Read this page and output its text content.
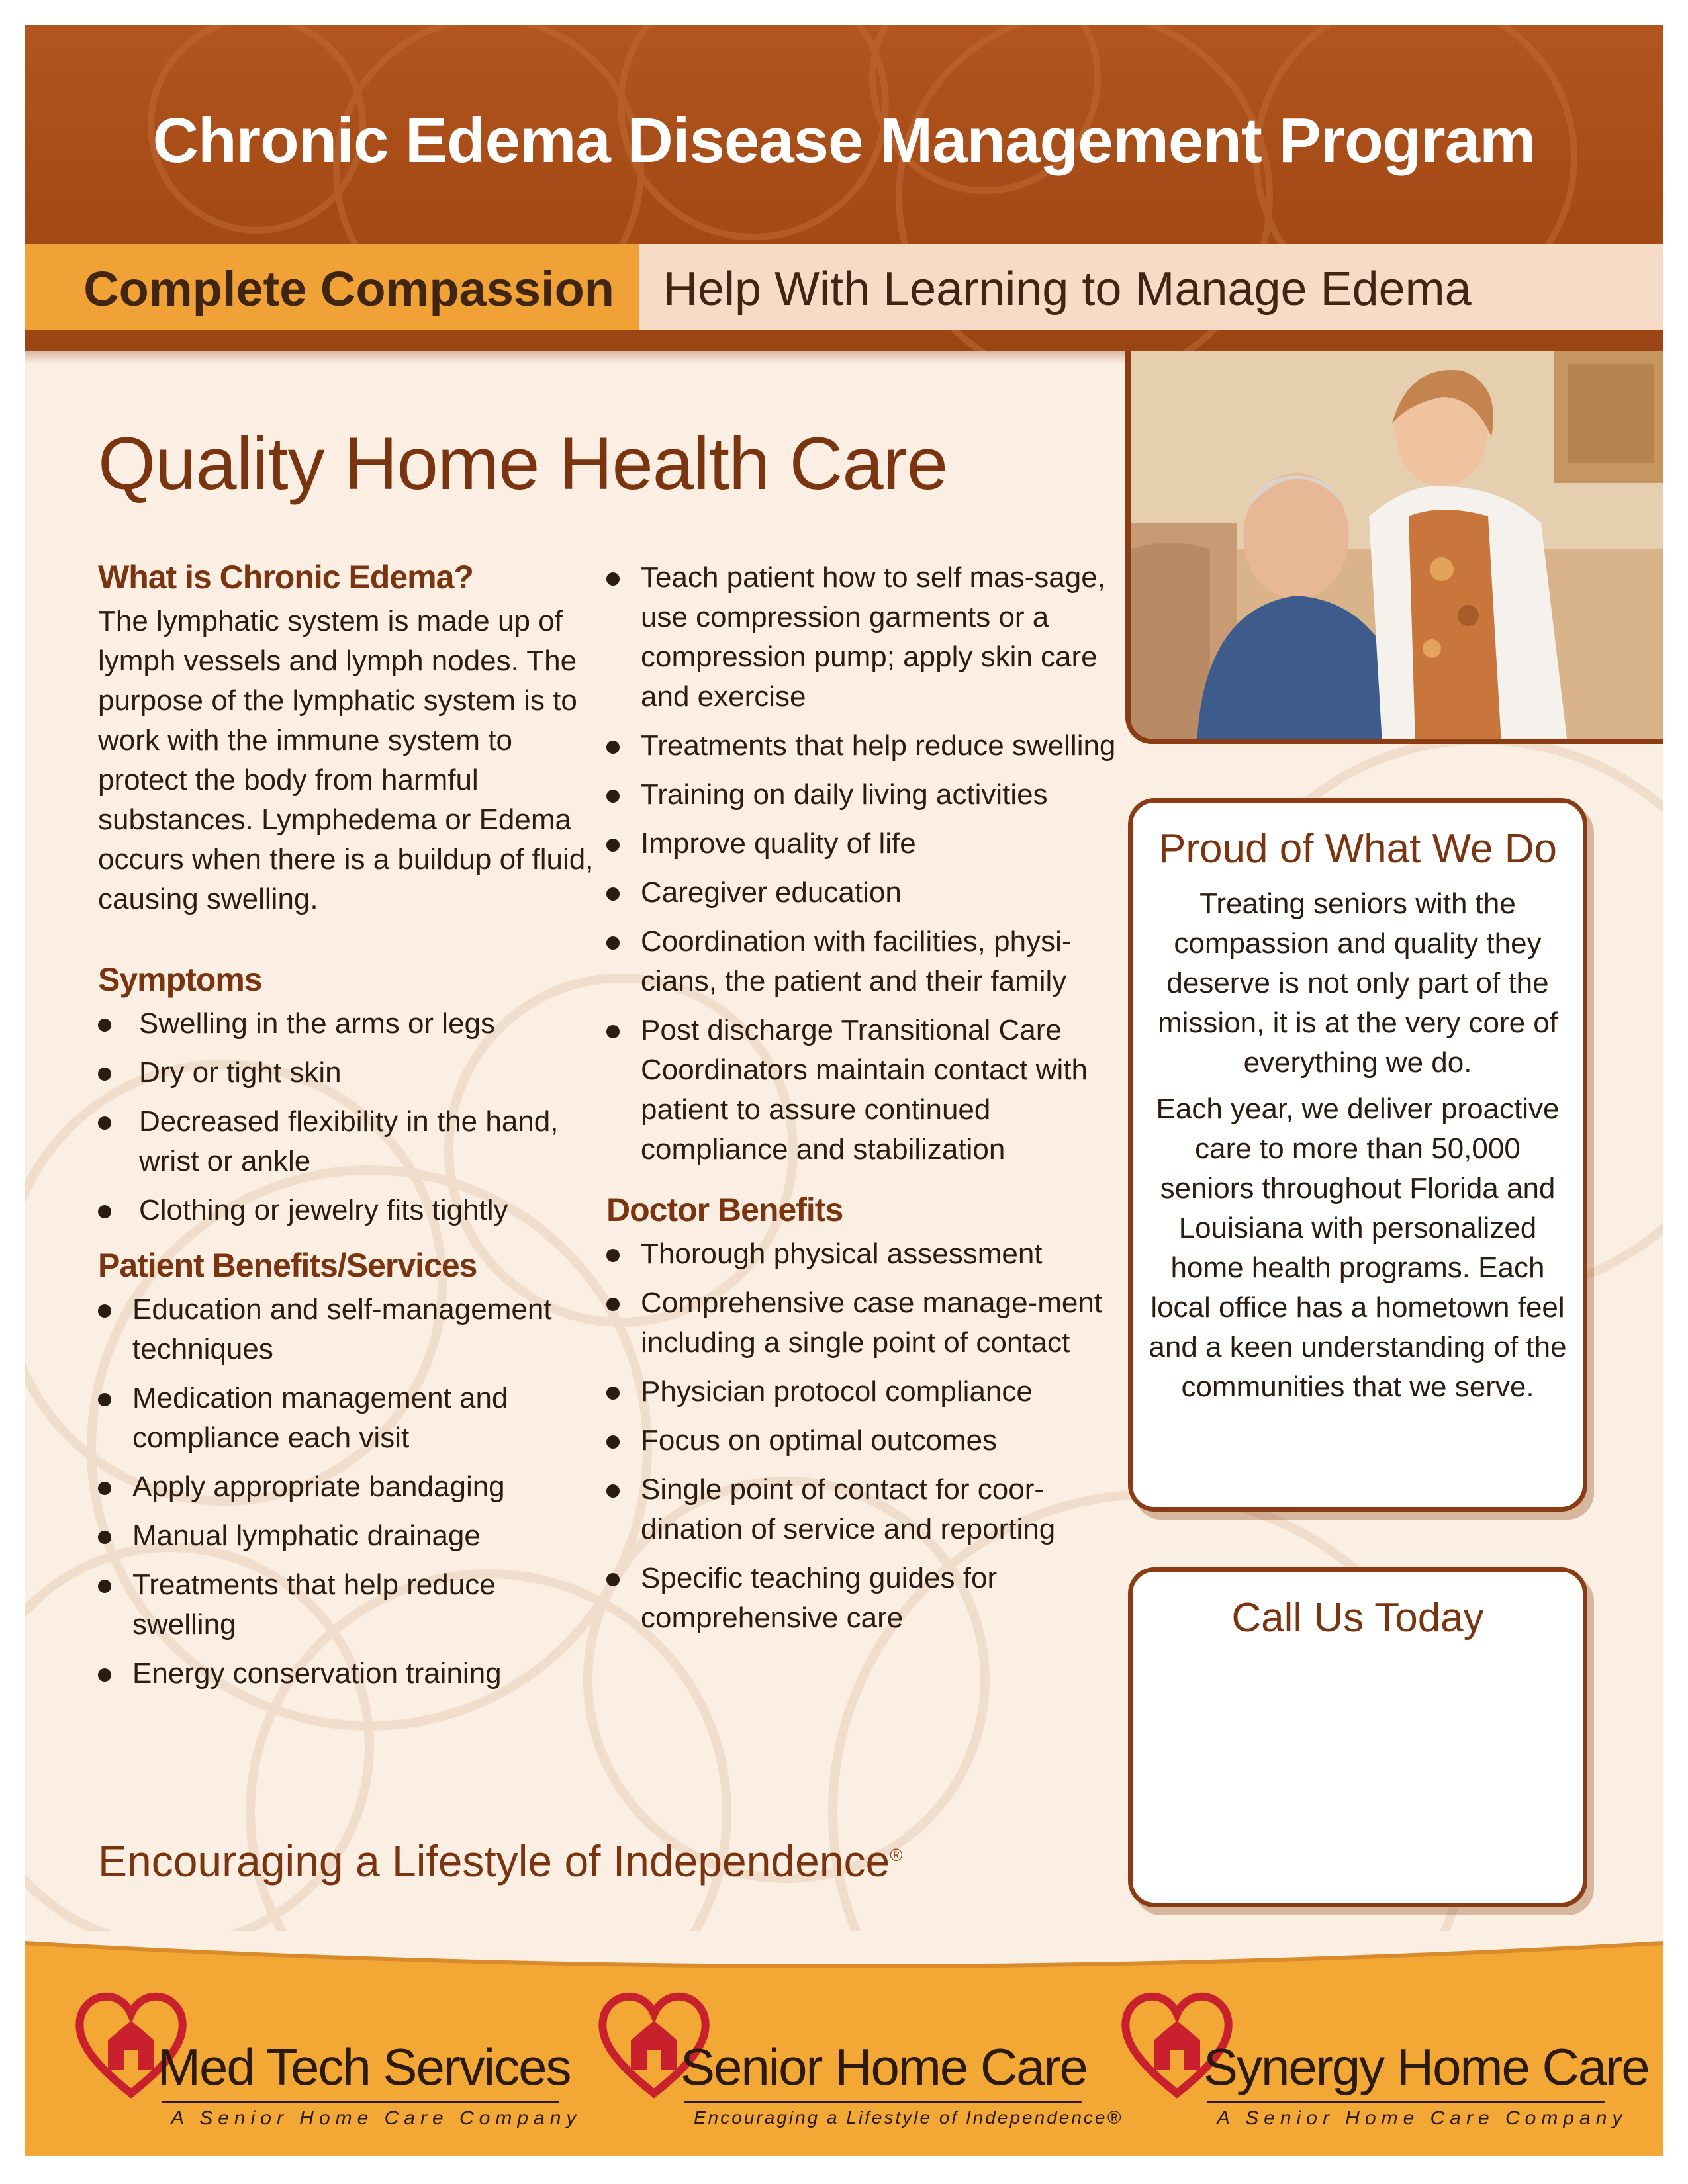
Chronic Edema Disease Management Program
Complete Compassion Help With Learning to Manage Edema
Quality Home Health Care
What is Chronic Edema?

The lymphatic system is made up of lymph vessels and lymph nodes. The purpose of the lymphatic system is to work with the immune system to protect the body from harmful substances. Lymphedema or Edema occurs when there is a buildup of fluid, causing swelling.

Symptoms
Swelling in the arms or legs
Dry or tight skin
Decreased flexibility in the hand, wrist or ankle
Clothing or jewelry fits tightly
Patient Benefits/Services
Education and self-management techniques
Medication management and compliance each visit
Apply appropriate bandaging
Manual lymphatic drainage
Treatments that help reduce swelling
Energy conservation training
Teach patient how to self mas-sage, use compression garments or a compression pump; apply skin care and exercise
Treatments that help reduce swelling
Training on daily living activities
Improve quality of life
Caregiver education
Coordination with facilities, physi-cians, the patient and their family
Post discharge Transitional Care Coordinators maintain contact with patient to assure continued compliance and stabilization
Doctor Benefits
Thorough physical assessment
Comprehensive case manage-ment including a single point of contact
Physician protocol compliance
Focus on optimal outcomes
Single point of contact for coor-dination of service and reporting
Specific teaching guides for comprehensive care
Proud of What We Do

Treating seniors with the compassion and quality they deserve is not only part of the mission, it is at the very core of everything we do.

Each year, we deliver proactive care to more than 50,000 seniors throughout Florida and Louisiana with personalized home health programs. Each local office has a hometown feel and a keen understanding of the communities that we serve.

Call Us Today
Encouraging a Lifestyle of Independence®
Med Tech Services
A Senior Home Care Company
Senior Home Care
Encouraging a Lifestyle of Independence®
Synergy Home Care
A Senior Home Care Company
